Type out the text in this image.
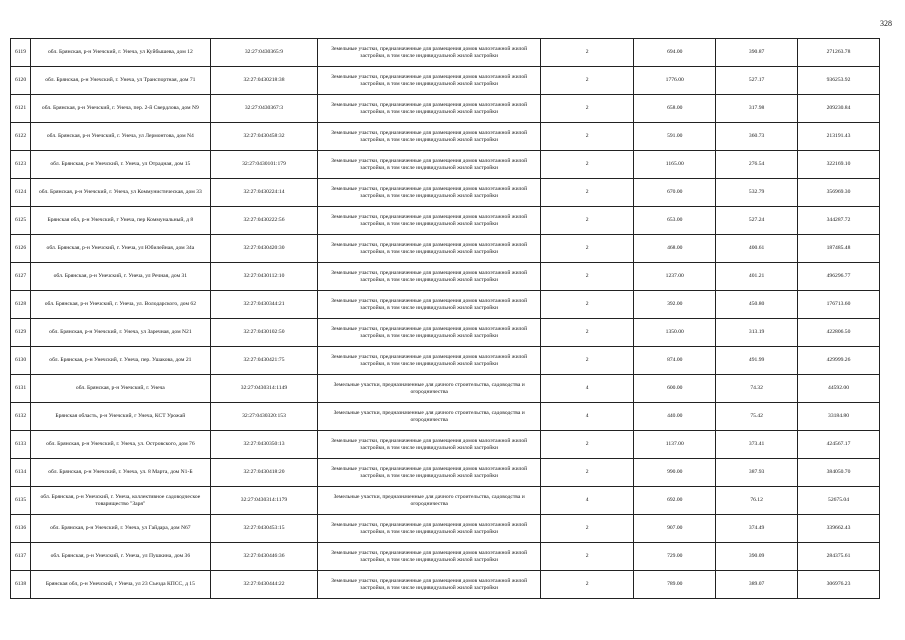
328
6119	обл. Брянская, р-н Унечский, г. Унеча, ул Куйбышева, дом 12	32:27:0430365:9	Земельные участки, предназначенные для размещения домов малоэтажной жилой застройки, в том числе индивидуальной жилой застройки	2	694.00	390.87	271263.78
6120	обл. Брянская, р-н Унечский, г. Унеча, ул Транспортная, дом 71	32:27:0430218:38	Земельные участки, предназначенные для размещения домов малоэтажной жилой застройки, в том числе индивидуальной жилой застройки	2	1776.00	527.17	936253.92
6121	обл. Брянская, р-н Унечский, г. Унеча, пер. 2-й Свердлова, дом N9	32:27:0430367:3	Земельные участки, предназначенные для размещения домов малоэтажной жилой застройки, в том числе индивидуальной жилой застройки	2	658.00	317.98	209230.84
6122	обл. Брянская, р-н Унечский, г. Унеча, ул Лермонтова, дом N4	32:27:0430458:32	Земельные участки, предназначенные для размещения домов малоэтажной жилой застройки, в том числе индивидуальной жилой застройки	2	591.00	360.73	213191.43
6123	обл. Брянская, р-н Унечский, г. Унеча, ул Отрадная, дом 15	32:27:0430101:179	Земельные участки, предназначенные для размещения домов малоэтажной жилой застройки, в том числе индивидуальной жилой застройки	2	1165.00	276.54	322169.10
6124	обл. Брянская, р-н Унечский, г. Унеча, ул Коммунистическая, дом 33	32:27:0430224:14	Земельные участки, предназначенные для размещения домов малоэтажной жилой застройки, в том числе индивидуальной жилой застройки	2	670.00	532.79	356969.30
6125	Брянская обл, р-н Унечский, г Унеча, пер Коммунальный, д 8	32:27:0430222:56	Земельные участки, предназначенные для размещения домов малоэтажной жилой застройки, в том числе индивидуальной жилой застройки	2	653.00	527.24	344287.72
6126	обл. Брянская, р-н Унечский, г. Унеча, ул Юбилейная, дом 34а	32:27:0430420:30	Земельные участки, предназначенные для размещения домов малоэтажной жилой застройки, в том числе индивидуальной жилой застройки	2	468.00	400.61	187485.48
6127	обл. Брянская, р-н Унечский, г. Унеча, ул Речная, дом 31	32:27:0430112:10	Земельные участки, предназначенные для размещения домов малоэтажной жилой застройки, в том числе индивидуальной жилой застройки	2	1237.00	401.21	496296.77
6128	обл. Брянская, р-н Унечский, г. Унеча, ул. Володарского, дом 62	32:27:0430344:21	Земельные участки, предназначенные для размещения домов малоэтажной жилой застройки, в том числе индивидуальной жилой застройки	2	392.00	450.80	176713.60
6129	обл. Брянская, р-н Унечский, г. Унеча, ул Заречная, дом N21	32:27:0430102:50	Земельные участки, предназначенные для размещения домов малоэтажной жилой застройки, в том числе индивидуальной жилой застройки	2	1350.00	313.19	422806.50
6130	обл. Брянская, р-н Унечский, г. Унеча, пер. Ушакова, дом 21	32:27:0430421:75	Земельные участки, предназначенные для размещения домов малоэтажной жилой застройки, в том числе индивидуальной жилой застройки	2	874.00	491.99	429999.26
6131	обл. Брянская, р-н Унечский, г. Унеча	32:27:0430314:1149	Земельные участки, предназначенные для дачного строительства, садоводства и огородничества	4	600.00	74.32	44592.00
6132	Брянская область, р-н Унечский, г Унеча, КСТ Урожай	32:27:0430320:153	Земельные участки, предназначенные для дачного строительства, садоводства и огородничества	4	440.00	75.42	33184.80
6133	обл. Брянская, р-н Унечский, г. Унеча, ул. Островского, дом 76	32:27:0430350:13	Земельные участки, предназначенные для размещения домов малоэтажной жилой застройки, в том числе индивидуальной жилой застройки	2	1137.00	373.41	424567.17
6134	обл. Брянская, р-н Унечский, г. Унеча, ул. 8 Марта, дом N1-Б	32:27:0430418:20	Земельные участки, предназначенные для размещения домов малоэтажной жилой застройки, в том числе индивидуальной жилой застройки	2	990.00	387.93	384050.70
6135	обл. Брянская, р-н Унечский, г. Унеча, коллективное садоводческое товарищество "Заря"	32:27:0430314:1179	Земельные участки, предназначенные для дачного строительства, садоводства и огородничества	4	692.00	76.12	52675.04
6136	обл. Брянская, р-н Унечский, г. Унеча, ул Гайдара, дом N67	32:27:0430453:15	Земельные участки, предназначенные для размещения домов малоэтажной жилой застройки, в том числе индивидуальной жилой застройки	2	907.00	374.49	339662.43
6137	обл. Брянская, р-н Унечский, г. Унеча, ул Пушкина, дом 36	32:27:0430446:36	Земельные участки, предназначенные для размещения домов малоэтажной жилой застройки, в том числе индивидуальной жилой застройки	2	729.00	390.09	284375.61
6138	Брянская обл, р-н Унечский, г Унеча, ул 23 Съезда КПСС, д 15	32:27:0430444:22	Земельные участки, предназначенные для размещения домов малоэтажной жилой застройки, в том числе индивидуальной жилой застройки	2	789.00	389.07	306976.23
